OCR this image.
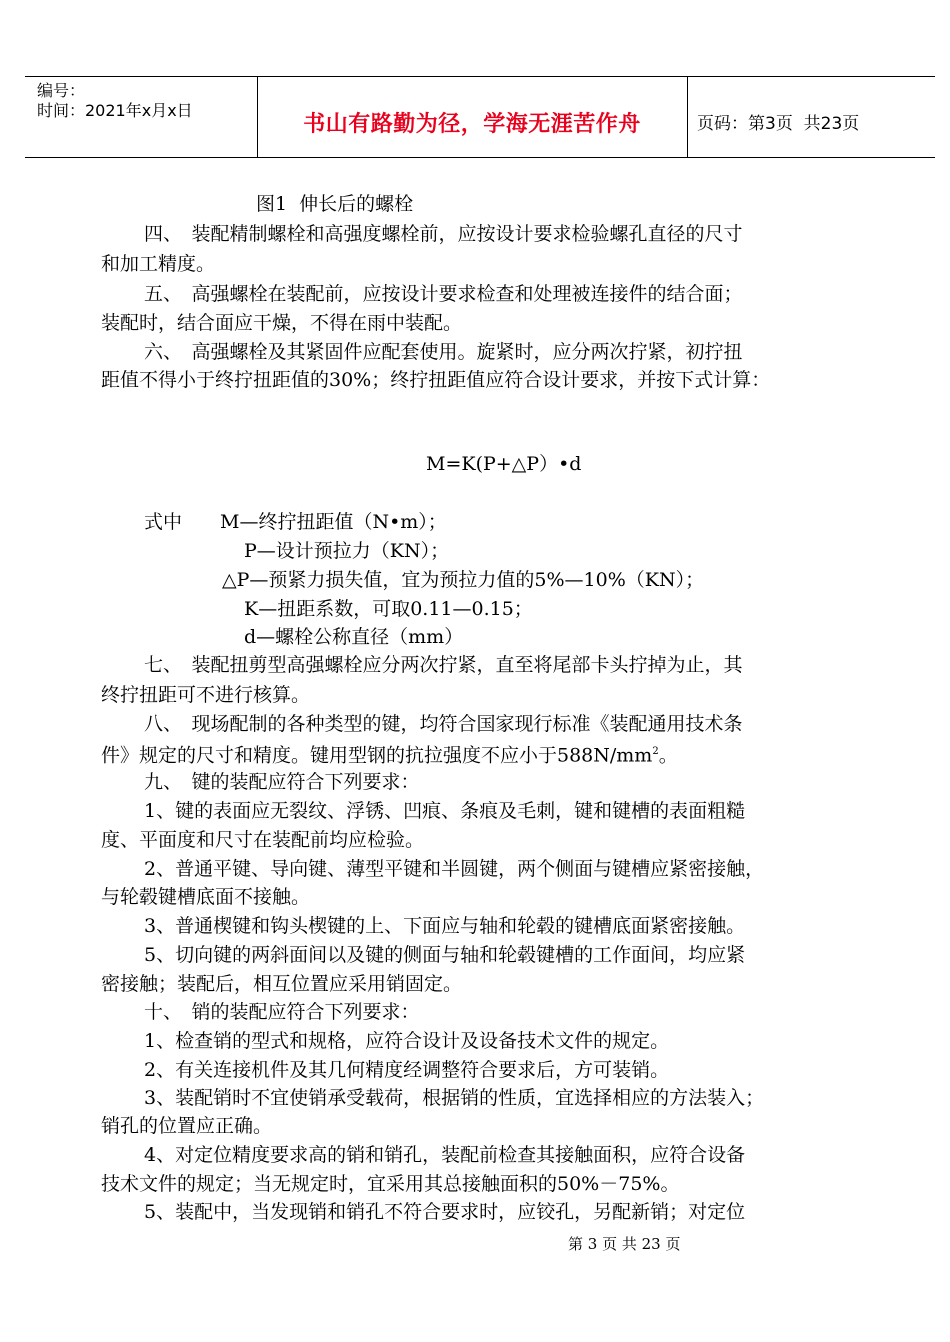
编号：
时间：2021年x月x日
书山有路勤为径，学海无涯苦作舟	页码：第3页  共23页
图1  伸长后的螺栓
四、　装配精制螺栓和高强度螺栓前，应按设计要求检验螺孔直径的尺寸
和加工精度。
五、　高强螺栓在装配前，应按设计要求检查和处理被连接件的结合面；
装配时，结合面应干燥，不得在雨中装配。
六、　高强螺栓及其紧固件应配套使用。旋紧时，应分两次拧紧，初拧扭
距值不得小于终拧扭距值的30%；终拧扭距值应符合设计要求，并按下式计算：
M=K(P+△P）•d
式中　　M—终拧扭距值（N•m）；
P—设计预拉力（KN）；
△P—预紧力损失值，宜为预拉力值的5%—10%（KN）；
K—扭距系数，可取0.11—0.15；
d—螺栓公称直径（mm）
七、　装配扭剪型高强螺栓应分两次拧紧，直至将尾部卡头拧掉为止，其
终拧扭距可不进行核算。
八、　现场配制的各种类型的键，均符合国家现行标准《装配通用技术条
件》规定的尺寸和精度。键用型钢的抗拉强度不应小于$588N/mm^2$。
九、　键的装配应符合下列要求：
1、键的表面应无裂纹、浮锈、凹痕、条痕及毛刺，键和键槽的表面粗糙
度、平面度和尺寸在装配前均应检验。
2、普通平键、导向键、薄型平键和半圆键，两个侧面与键槽应紧密接触，
与轮毂键槽底面不接触。
3、普通楔键和钩头楔键的上、下面应与轴和轮毂的键槽底面紧密接触。
5、切向键的两斜面间以及键的侧面与轴和轮毂键槽的工作面间，均应紧
密接触；装配后，相互位置应采用销固定。
十、　销的装配应符合下列要求：
1、检查销的型式和规格，应符合设计及设备技术文件的规定。
2、有关连接机件及其几何精度经调整符合要求后，方可装销。
3、装配销时不宜使销承受载荷，根据销的性质，宜选择相应的方法装入；
销孔的位置应正确。
4、对定位精度要求高的销和销孔，装配前检查其接触面积，应符合设备
技术文件的规定；当无规定时，宜采用其总接触面积的50%－75%。
5、装配中，当发现销和销孔不符合要求时，应铰孔，另配新销；对定位
第 3 页 共 23 页
